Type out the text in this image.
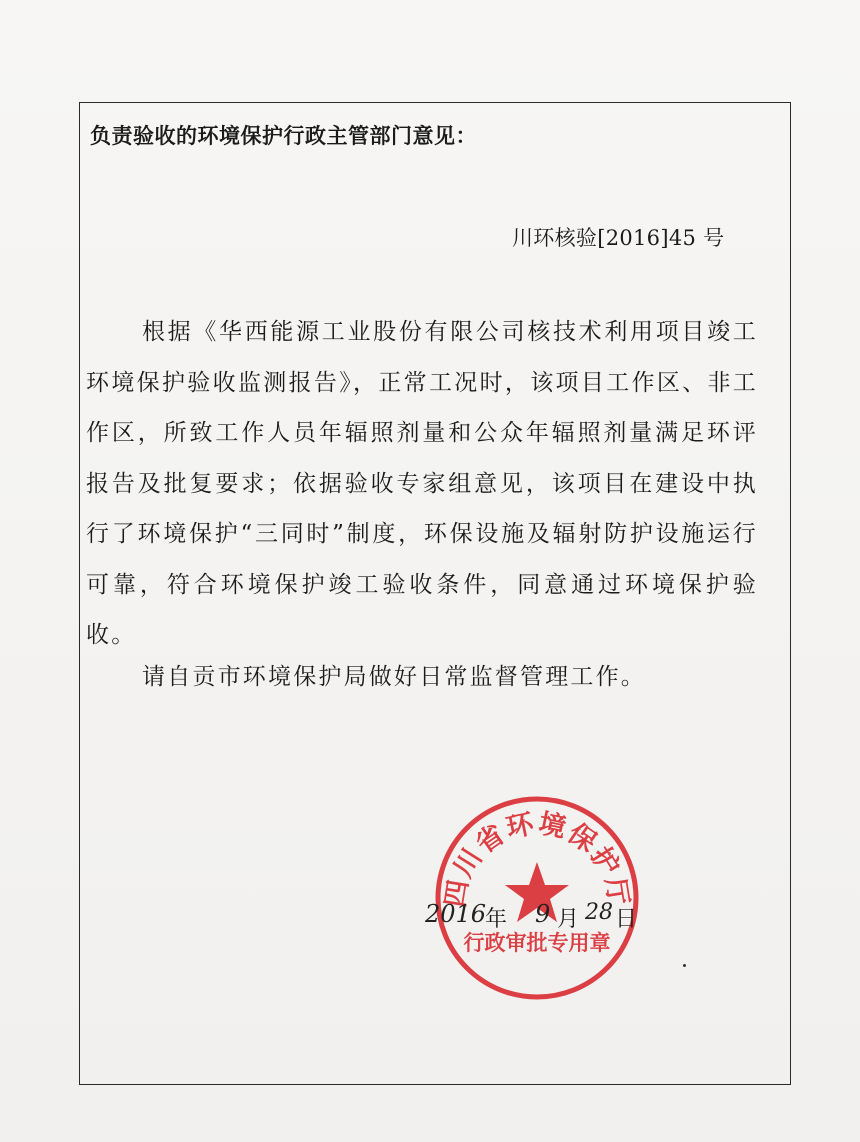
负责验收的环境保护行政主管部门意见：
川环核验[2016]45 号

根据《华西能源工业股份有限公司核技术利用项目竣工环境保护验收监测报告》，正常工况时，该项目工作区、非工作区，所致工作人员年辐照剂量和公众年辐照剂量满足环评报告及批复要求；依据验收专家组意见，该项目在建设中执行了环境保护“三同时”制度，环保设施及辐射防护设施运行可靠，符合环境保护竣工验收条件，同意通过环境保护验收。

请自贡市环境保护局做好日常监督管理工作。

四川省环境保护厅
行政审批专用章
2016
年 9 月 28 日
